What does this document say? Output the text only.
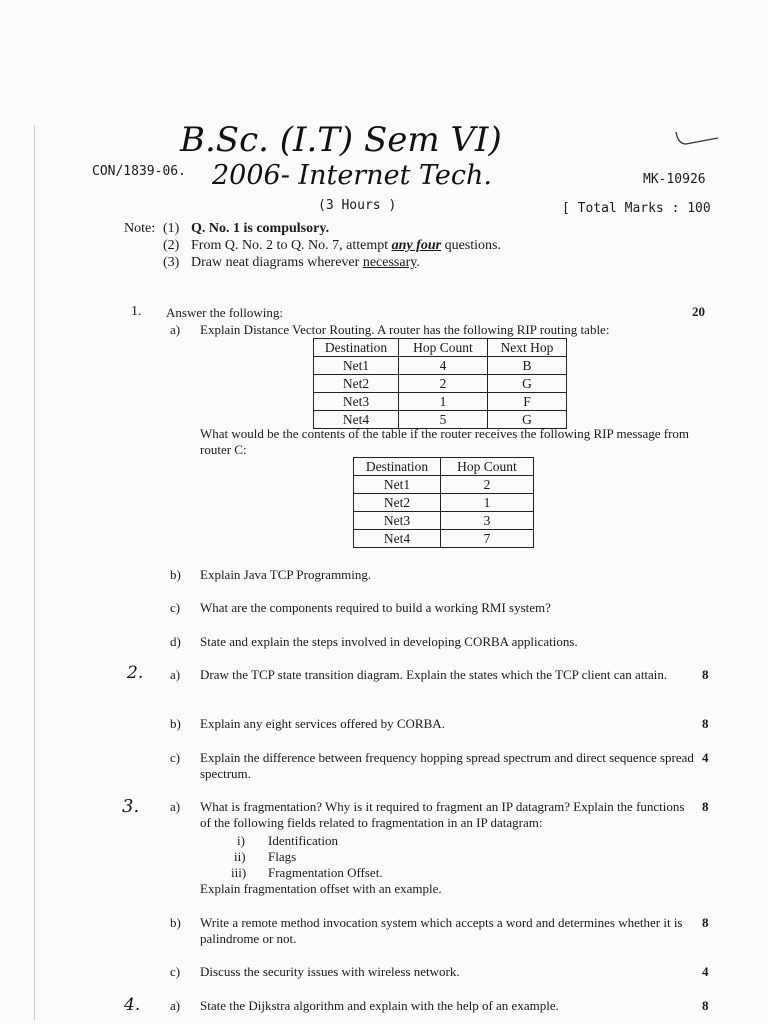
B.Sc. (I.T) Sem VI)
2006- Internet Tech.
CON/1839-06.
MK-10926
(3 Hours )	[ Total Marks : 100
Note: (1) Q. No. 1 is compulsory.
(2) From Q. No. 2 to Q. No. 7, attempt any four questions.
(3) Draw neat diagrams wherever necessary.
1. Answer the following:	20
a) Explain Distance Vector Routing. A router has the following RIP routing table:
Destination	Hop Count	Next Hop
Net1	4	B
Net2	2	G
Net3	1	F
Net4	5	G
What would be the contents of the table if the router receives the following RIP message from router C:
Destination	Hop Count
Net1	2
Net2	1
Net3	3
Net4	7
b) Explain Java TCP Programming.
c) What are the components required to build a working RMI system?
d) State and explain the steps involved in developing CORBA applications.
2. a) Draw the TCP state transition diagram. Explain the states which the TCP client can attain.	8
b) Explain any eight services offered by CORBA.	8
c) Explain the difference between frequency hopping spread spectrum and direct sequence spread spectrum.
4
3. a) What is fragmentation? Why is it required to fragment an IP datagram? Explain the functions of the following fields related to fragmentation in an IP datagram:
8
i) Identification
ii) Flags
iii) Fragmentation Offset.
Explain fragmentation offset with an example.
b) Write a remote method invocation system which accepts a word and determines whether it is palindrome or not.
8
c) Discuss the security issues with wireless network.	4
4. a) State the Dijkstra algorithm and explain with the help of an example.	8
